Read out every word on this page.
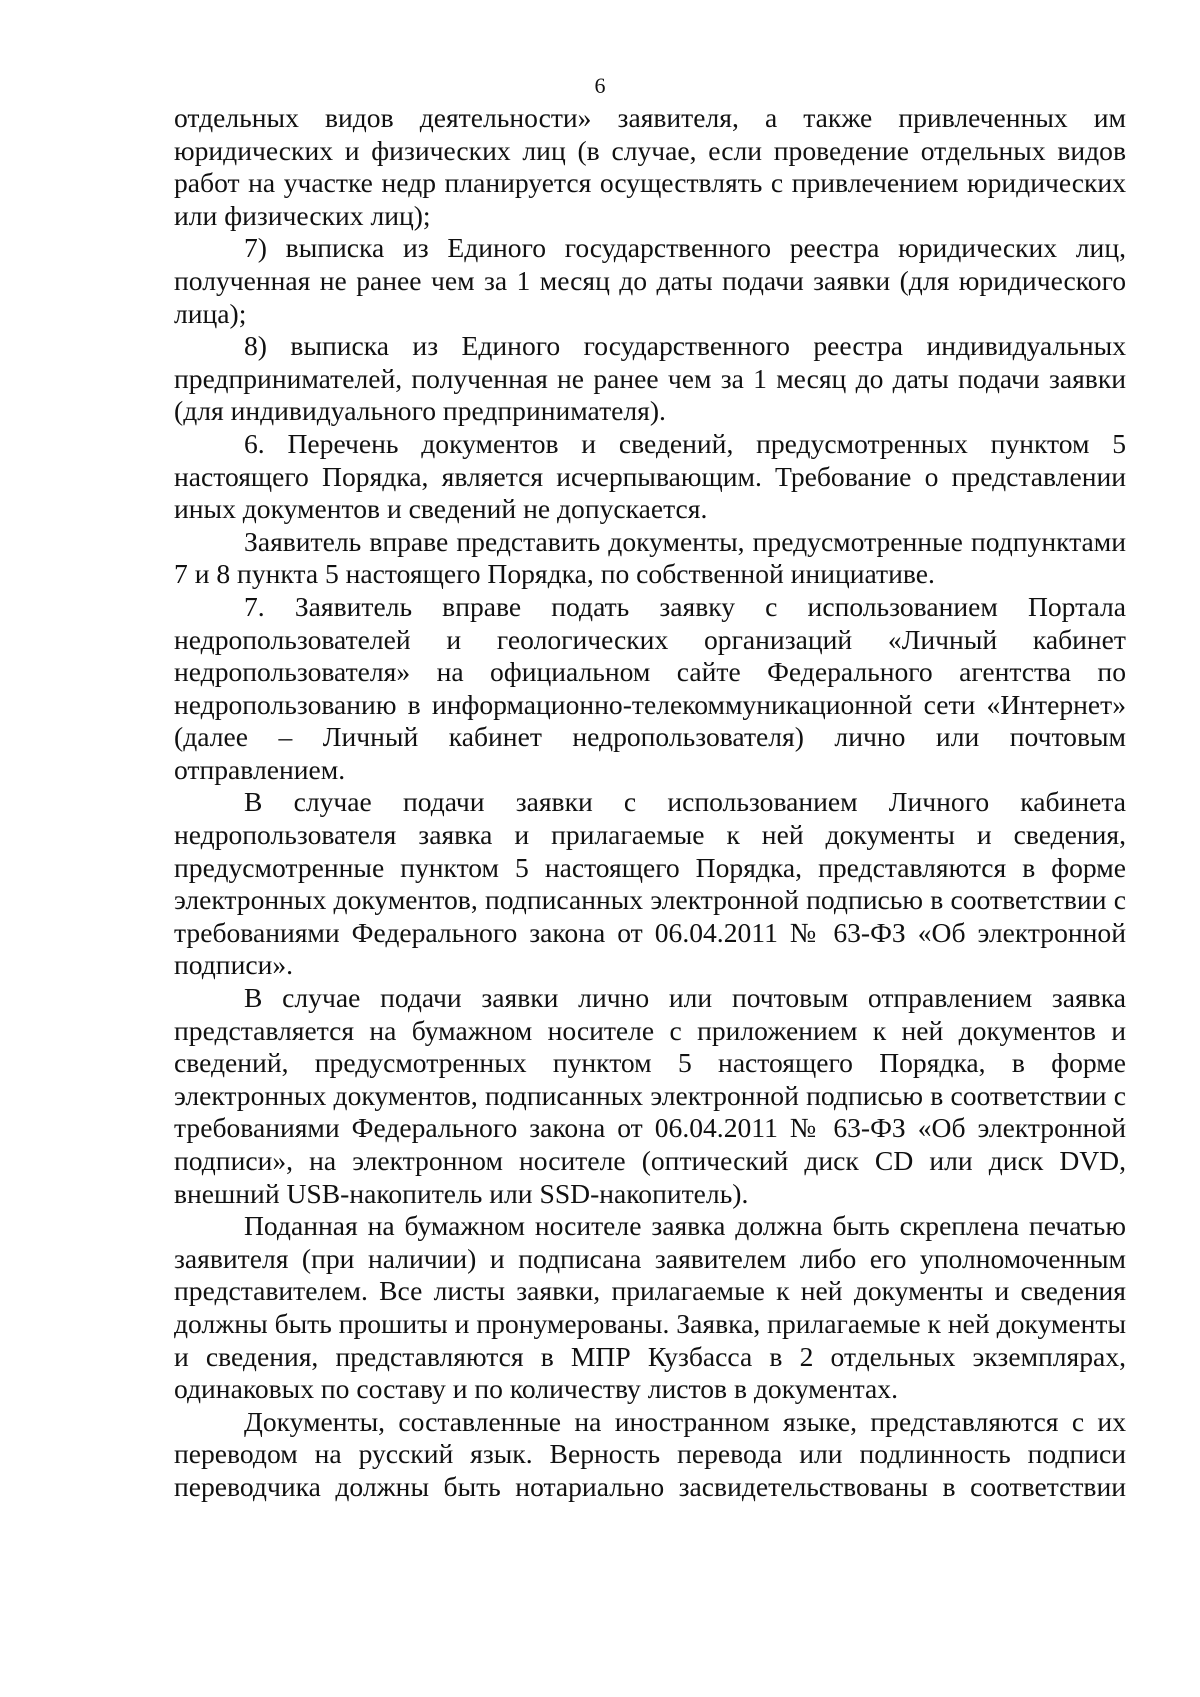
6

отдельных видов деятельности» заявителя, а также привлеченных им юридических и физических лиц (в случае, если проведение отдельных видов работ на участке недр планируется осуществлять с привлечением юридических или физических лиц);

7) выписка из Единого государственного реестра юридических лиц, полученная не ранее чем за 1 месяц до даты подачи заявки (для юридического лица);

8) выписка из Единого государственного реестра индивидуальных предпринимателей, полученная не ранее чем за 1 месяц до даты подачи заявки (для индивидуального предпринимателя).

6. Перечень документов и сведений, предусмотренных пунктом 5 настоящего Порядка, является исчерпывающим. Требование о представлении иных документов и сведений не допускается.

Заявитель вправе представить документы, предусмотренные подпунктами 7 и 8 пункта 5 настоящего Порядка, по собственной инициативе.

7. Заявитель вправе подать заявку с использованием Портала недропользователей и геологических организаций «Личный кабинет недропользователя» на официальном сайте Федерального агентства по недропользованию в информационно-телекоммуникационной сети «Интернет» (далее – Личный кабинет недропользователя) лично или почтовым отправлением.

В случае подачи заявки с использованием Личного кабинета недропользователя заявка и прилагаемые к ней документы и сведения, предусмотренные пунктом 5 настоящего Порядка, представляются в форме электронных документов, подписанных электронной подписью в соответствии с требованиями Федерального закона от 06.04.2011 № 63-ФЗ «Об электронной подписи».

В случае подачи заявки лично или почтовым отправлением заявка представляется на бумажном носителе с приложением к ней документов и сведений, предусмотренных пунктом 5 настоящего Порядка, в форме электронных документов, подписанных электронной подписью в соответствии с требованиями Федерального закона от 06.04.2011 № 63-ФЗ «Об электронной подписи», на электронном носителе (оптический диск CD или диск DVD, внешний USB-накопитель или SSD-накопитель).

Поданная на бумажном носителе заявка должна быть скреплена печатью заявителя (при наличии) и подписана заявителем либо его уполномоченным представителем. Все листы заявки, прилагаемые к ней документы и сведения должны быть прошиты и пронумерованы. Заявка, прилагаемые к ней документы и сведения, представляются в МПР Кузбасса в 2 отдельных экземплярах, одинаковых по составу и по количеству листов в документах.

Документы, составленные на иностранном языке, представляются с их переводом на русский язык. Верность перевода или подлинность подписи переводчика должны быть нотариально засвидетельствованы в соответствии
